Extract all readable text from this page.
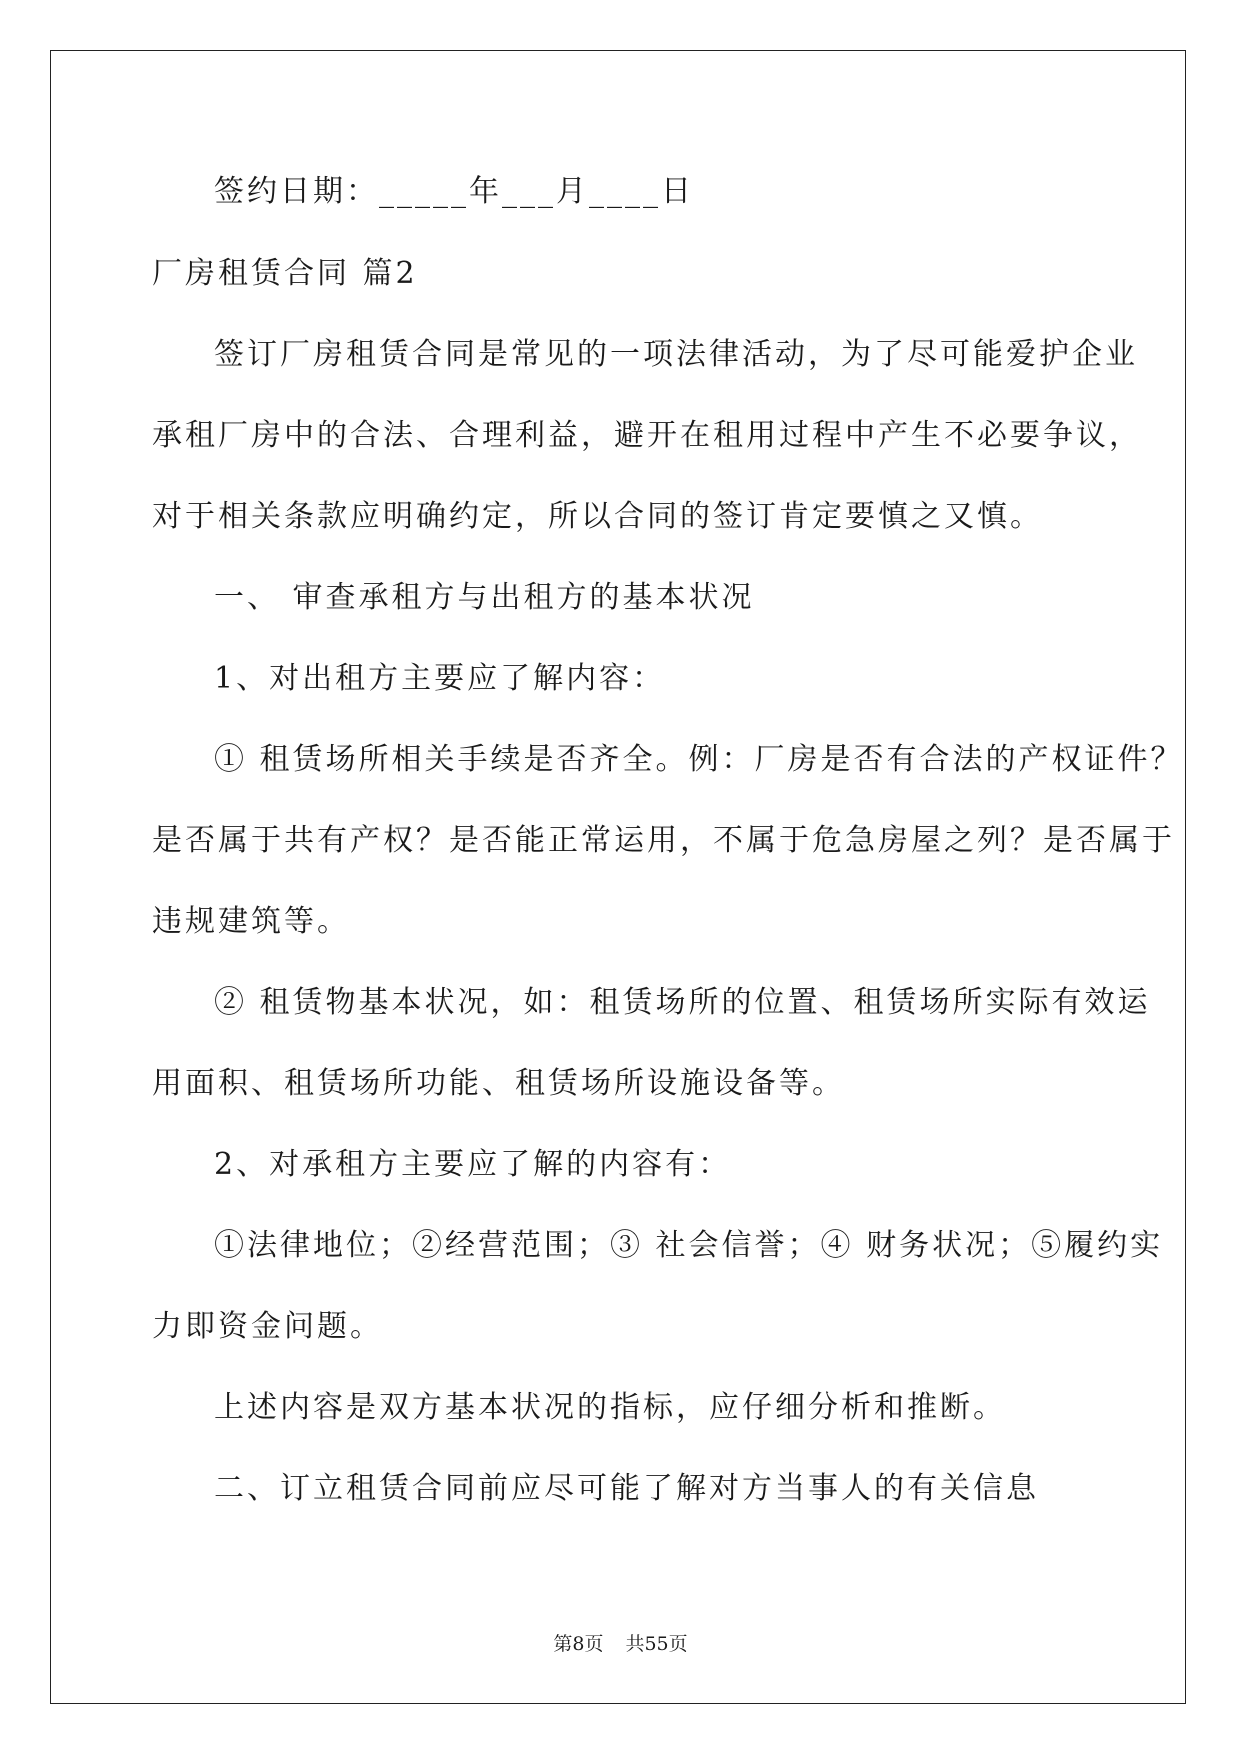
签约日期：_____年___月____日

厂房租赁合同 篇2

签订厂房租赁合同是常见的一项法律活动，为了尽可能爱护企业

承租厂房中的合法、合理利益，避开在租用过程中产生不必要争议，

对于相关条款应明确约定，所以合同的签订肯定要慎之又慎。

一、 审查承租方与出租方的基本状况

1、对出租方主要应了解内容：

① 租赁场所相关手续是否齐全。例：厂房是否有合法的产权证件？

是否属于共有产权？是否能正常运用，不属于危急房屋之列？是否属于

违规建筑等。

② 租赁物基本状况，如：租赁场所的位置、租赁场所实际有效运

用面积、租赁场所功能、租赁场所设施设备等。

2、对承租方主要应了解的内容有：

①法律地位；②经营范围；③ 社会信誉；④ 财务状况；⑤履约实

力即资金问题。

上述内容是双方基本状况的指标，应仔细分析和推断。

二、订立租赁合同前应尽可能了解对方当事人的有关信息

第8页 共55页
